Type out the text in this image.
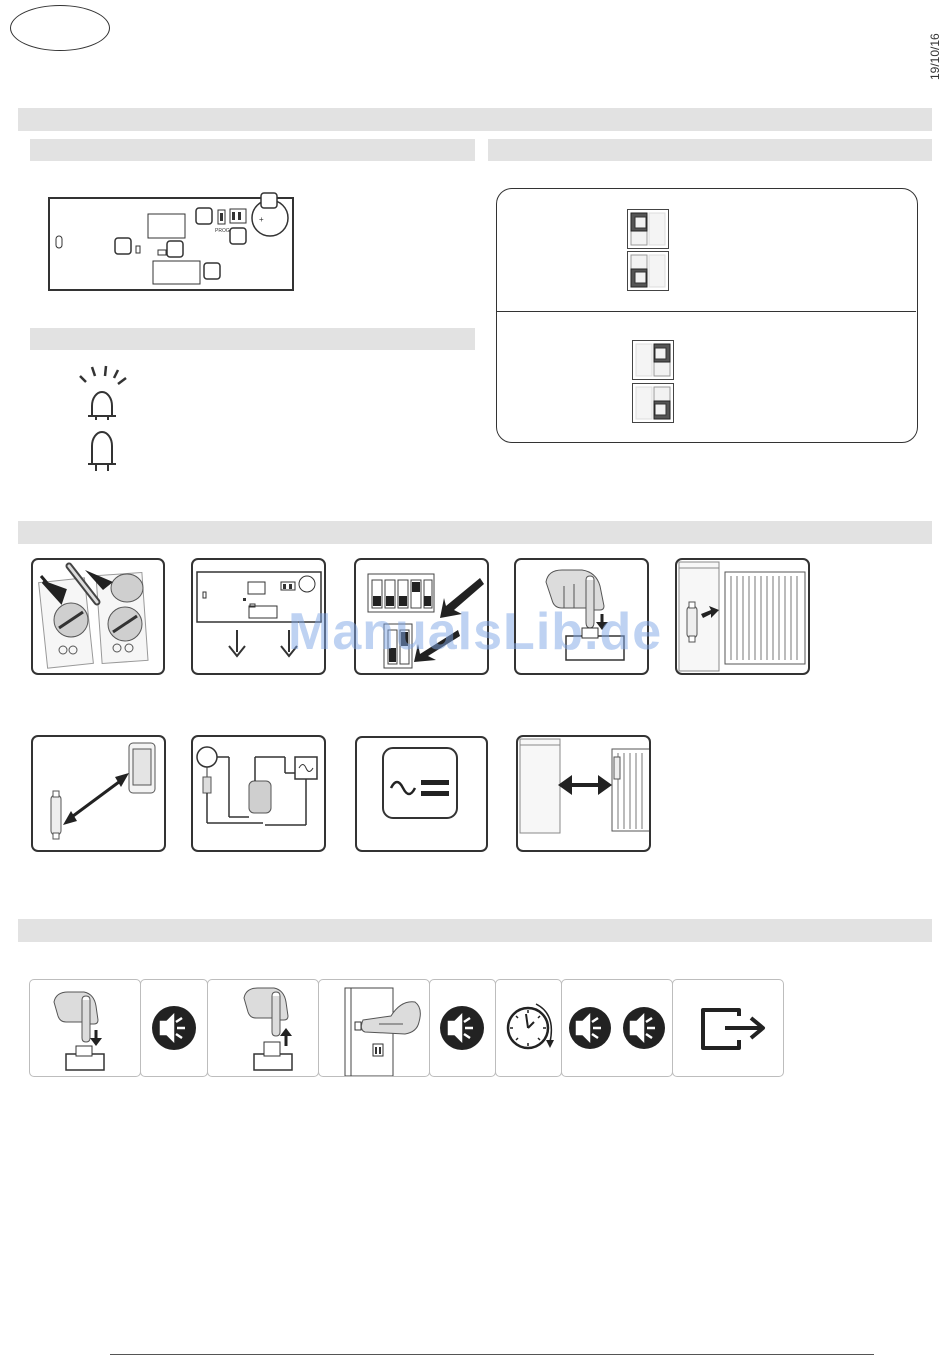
19/10/16
PROG
+
ManualsLib.de
